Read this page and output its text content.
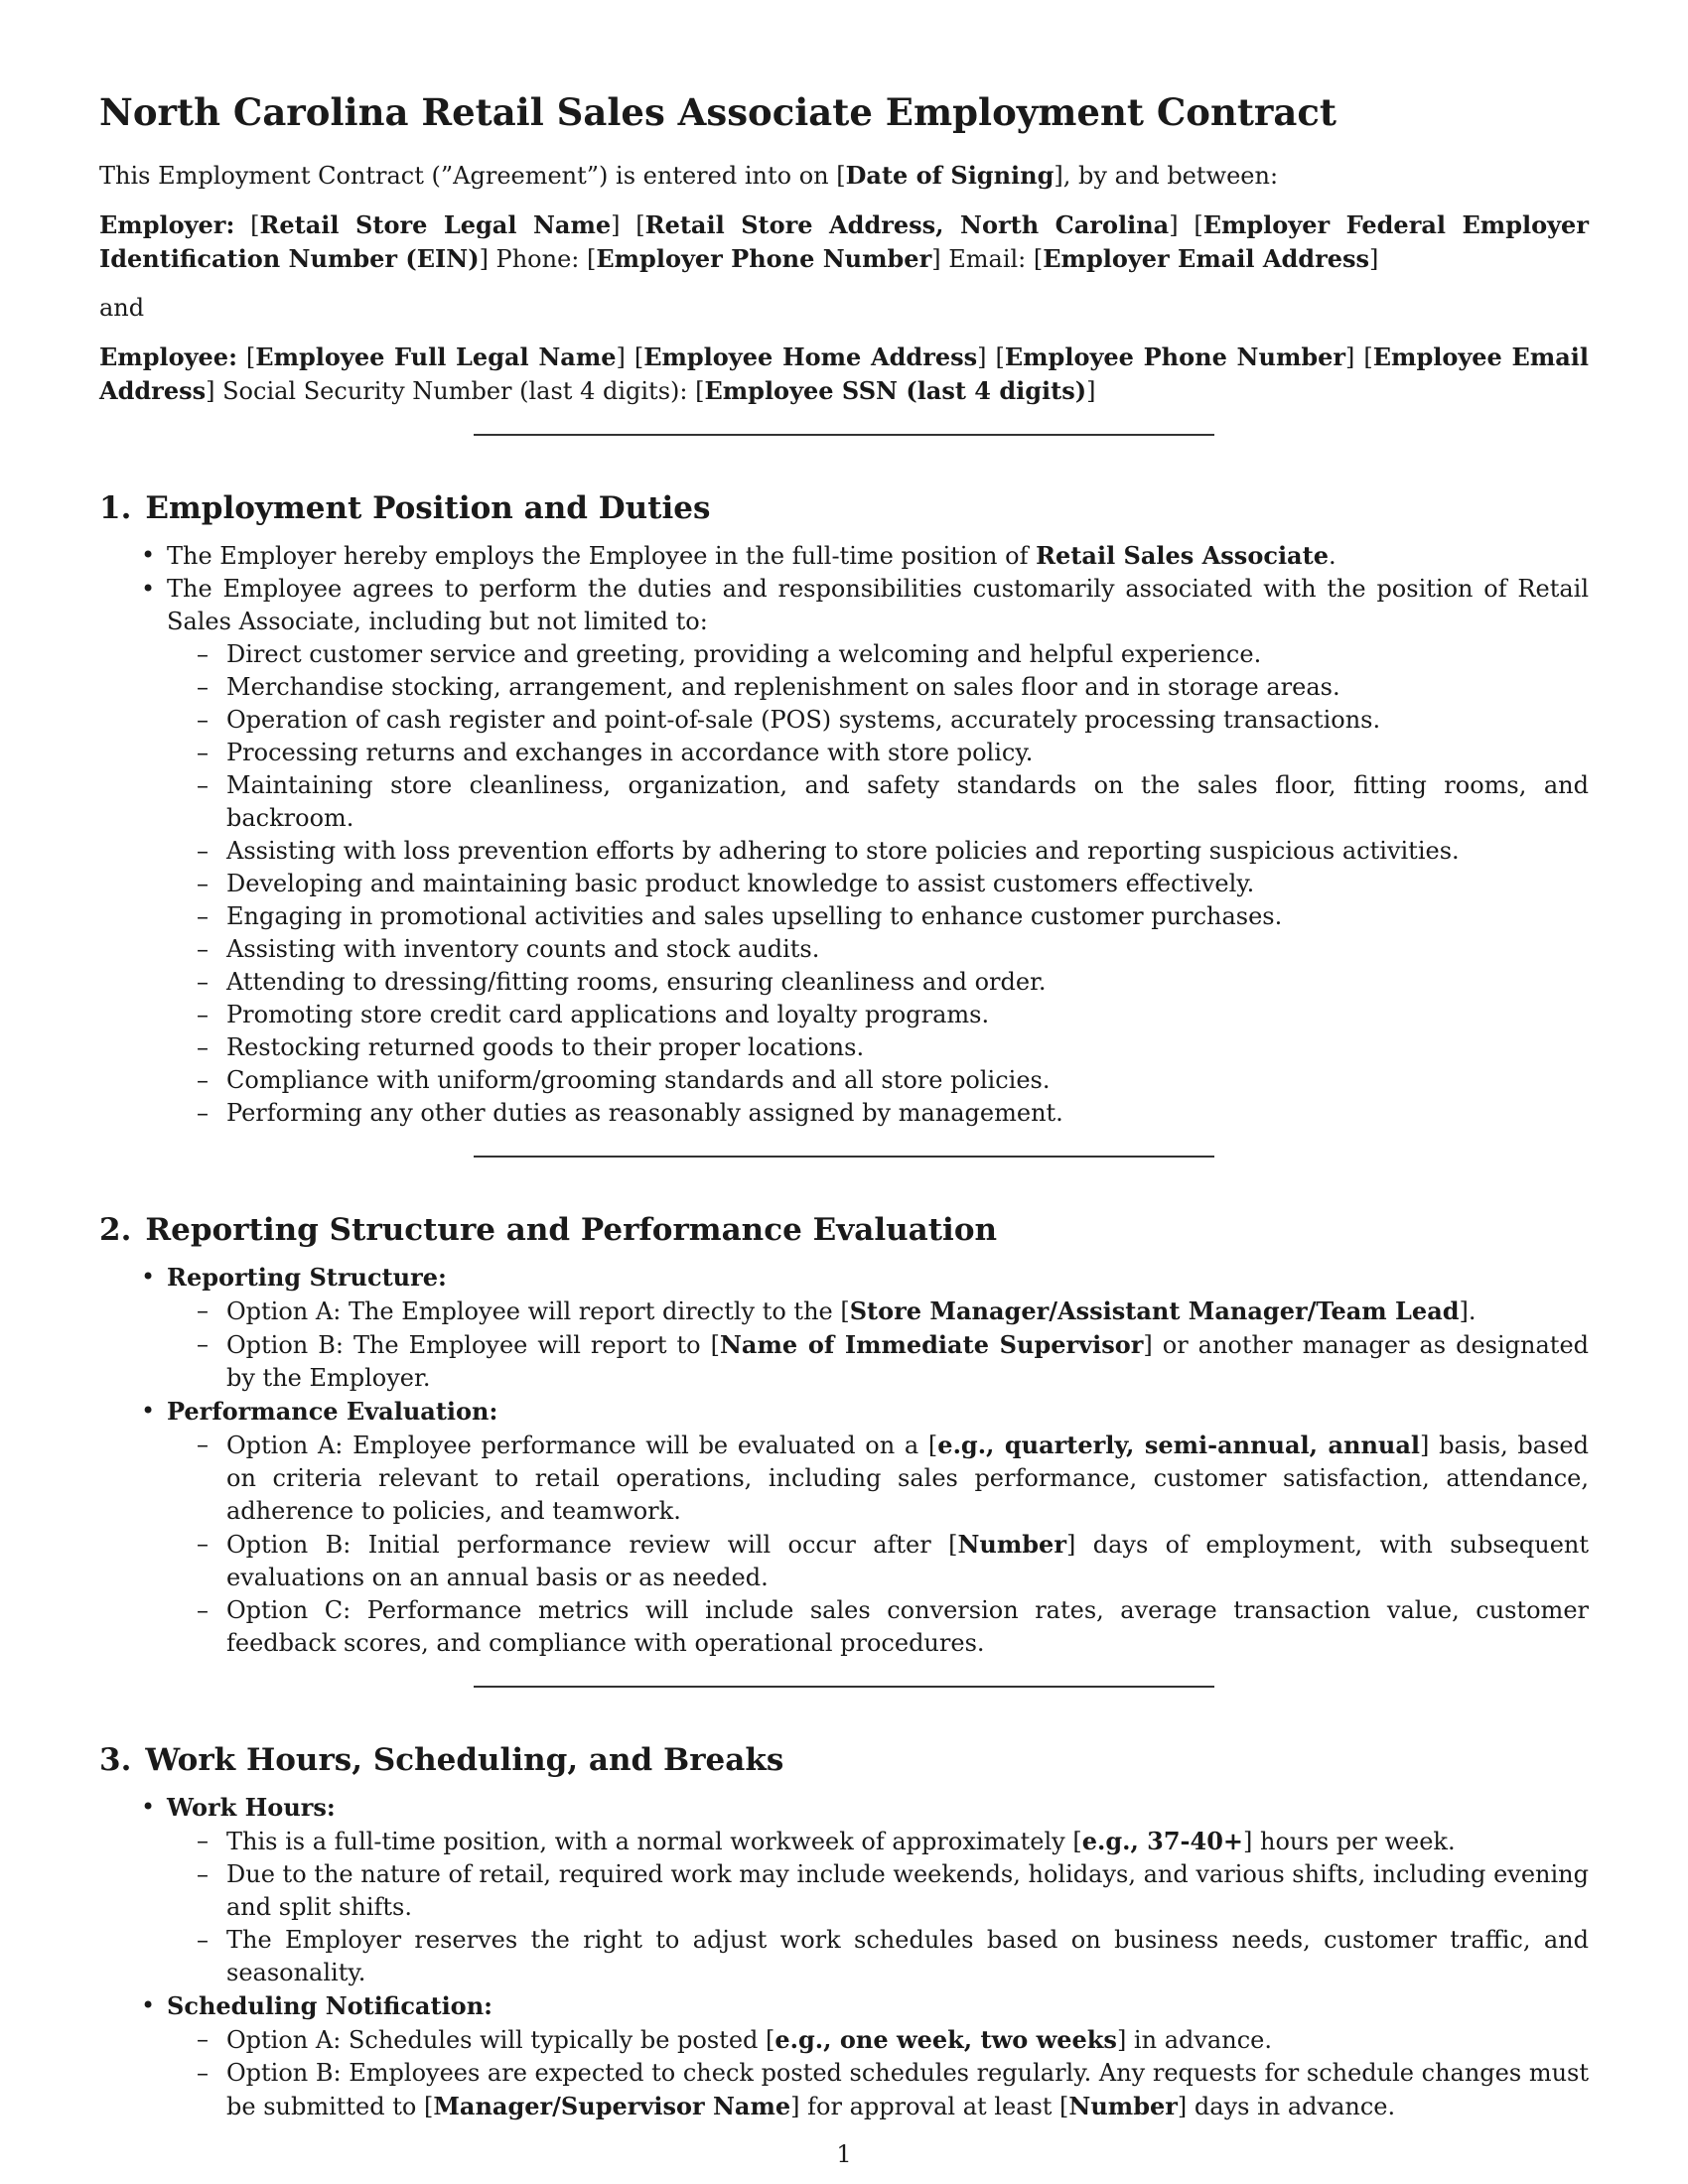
North Carolina Retail Sales Associate Employment Contract

This Employment Contract (”Agreement”) is entered into on [Date of Signing], by and between:

Employer: [Retail Store Legal Name] [Retail Store Address, North Carolina] [Employer Federal Employer Identification Number (EIN)] Phone: [Employer Phone Number] Email: [Employer Email Address]

and

Employee: [Employee Full Legal Name] [Employee Home Address] [Employee Phone Number] [Employee Email Address] Social Security Number (last 4 digits): [Employee SSN (last 4 digits)]

1. Employment Position and Duties
• The Employer hereby employs the Employee in the full-time position of Retail Sales Associate.
• The Employee agrees to perform the duties and responsibilities customarily associated with the position of Retail Sales Associate, including but not limited to:
– Direct customer service and greeting, providing a welcoming and helpful experience.
– Merchandise stocking, arrangement, and replenishment on sales floor and in storage areas.
– Operation of cash register and point-of-sale (POS) systems, accurately processing transactions.
– Processing returns and exchanges in accordance with store policy.
– Maintaining store cleanliness, organization, and safety standards on the sales floor, fitting rooms, and backroom.
– Assisting with loss prevention efforts by adhering to store policies and reporting suspicious activities.
– Developing and maintaining basic product knowledge to assist customers effectively.
– Engaging in promotional activities and sales upselling to enhance customer purchases.
– Assisting with inventory counts and stock audits.
– Attending to dressing/fitting rooms, ensuring cleanliness and order.
– Promoting store credit card applications and loyalty programs.
– Restocking returned goods to their proper locations.
– Compliance with uniform/grooming standards and all store policies.
– Performing any other duties as reasonably assigned by management.
2. Reporting Structure and Performance Evaluation
• Reporting Structure:
– Option A: The Employee will report directly to the [Store Manager/Assistant Manager/Team Lead].
– Option B: The Employee will report to [Name of Immediate Supervisor] or another manager as designated by the Employer.
• Performance Evaluation:
– Option A: Employee performance will be evaluated on a [e.g., quarterly, semi-annual, annual] basis, based on criteria relevant to retail operations, including sales performance, customer satisfaction, attendance, adherence to policies, and teamwork.
– Option B: Initial performance review will occur after [Number] days of employment, with subsequent evaluations on an annual basis or as needed.
– Option C: Performance metrics will include sales conversion rates, average transaction value, customer feedback scores, and compliance with operational procedures.
3. Work Hours, Scheduling, and Breaks
• Work Hours:
– This is a full-time position, with a normal workweek of approximately [e.g., 37-40+] hours per week.
– Due to the nature of retail, required work may include weekends, holidays, and various shifts, including evening and split shifts.
– The Employer reserves the right to adjust work schedules based on business needs, customer traffic, and seasonality.
• Scheduling Notification:
– Option A: Schedules will typically be posted [e.g., one week, two weeks] in advance.
– Option B: Employees are expected to check posted schedules regularly. Any requests for schedule changes must be submitted to [Manager/Supervisor Name] for approval at least [Number] days in advance.
1
